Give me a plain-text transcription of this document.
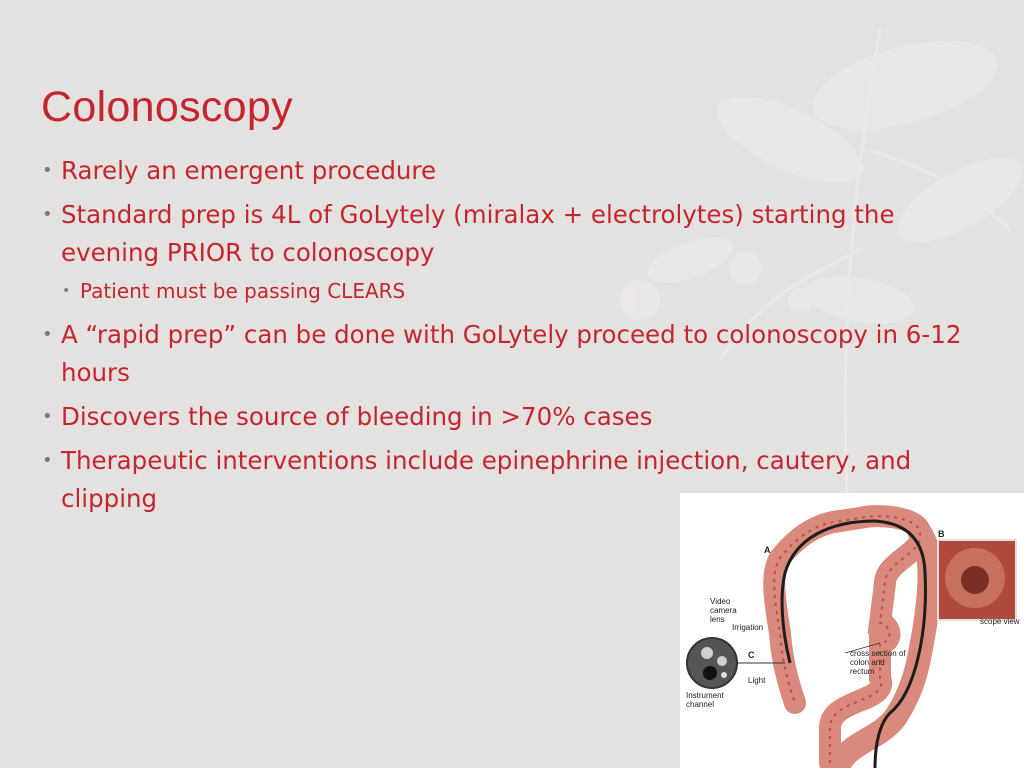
Colonoscopy
• Rarely an emergent procedure
• Standard prep is 4L of GoLytely (miralax + electrolytes) starting the evening PRIOR to colonoscopy
• Patient must be passing CLEARS
• A “rapid prep” can be done with GoLytely proceed to colonoscopy in 6-12 hours
• Discovers the source of bleeding in >70% cases
• Therapeutic interventions include epinephrine injection, cautery, and clipping
A
B
C
Video camera lens
Irrigation
Light
Instrument channel
cross section of colon and rectum
scope view
